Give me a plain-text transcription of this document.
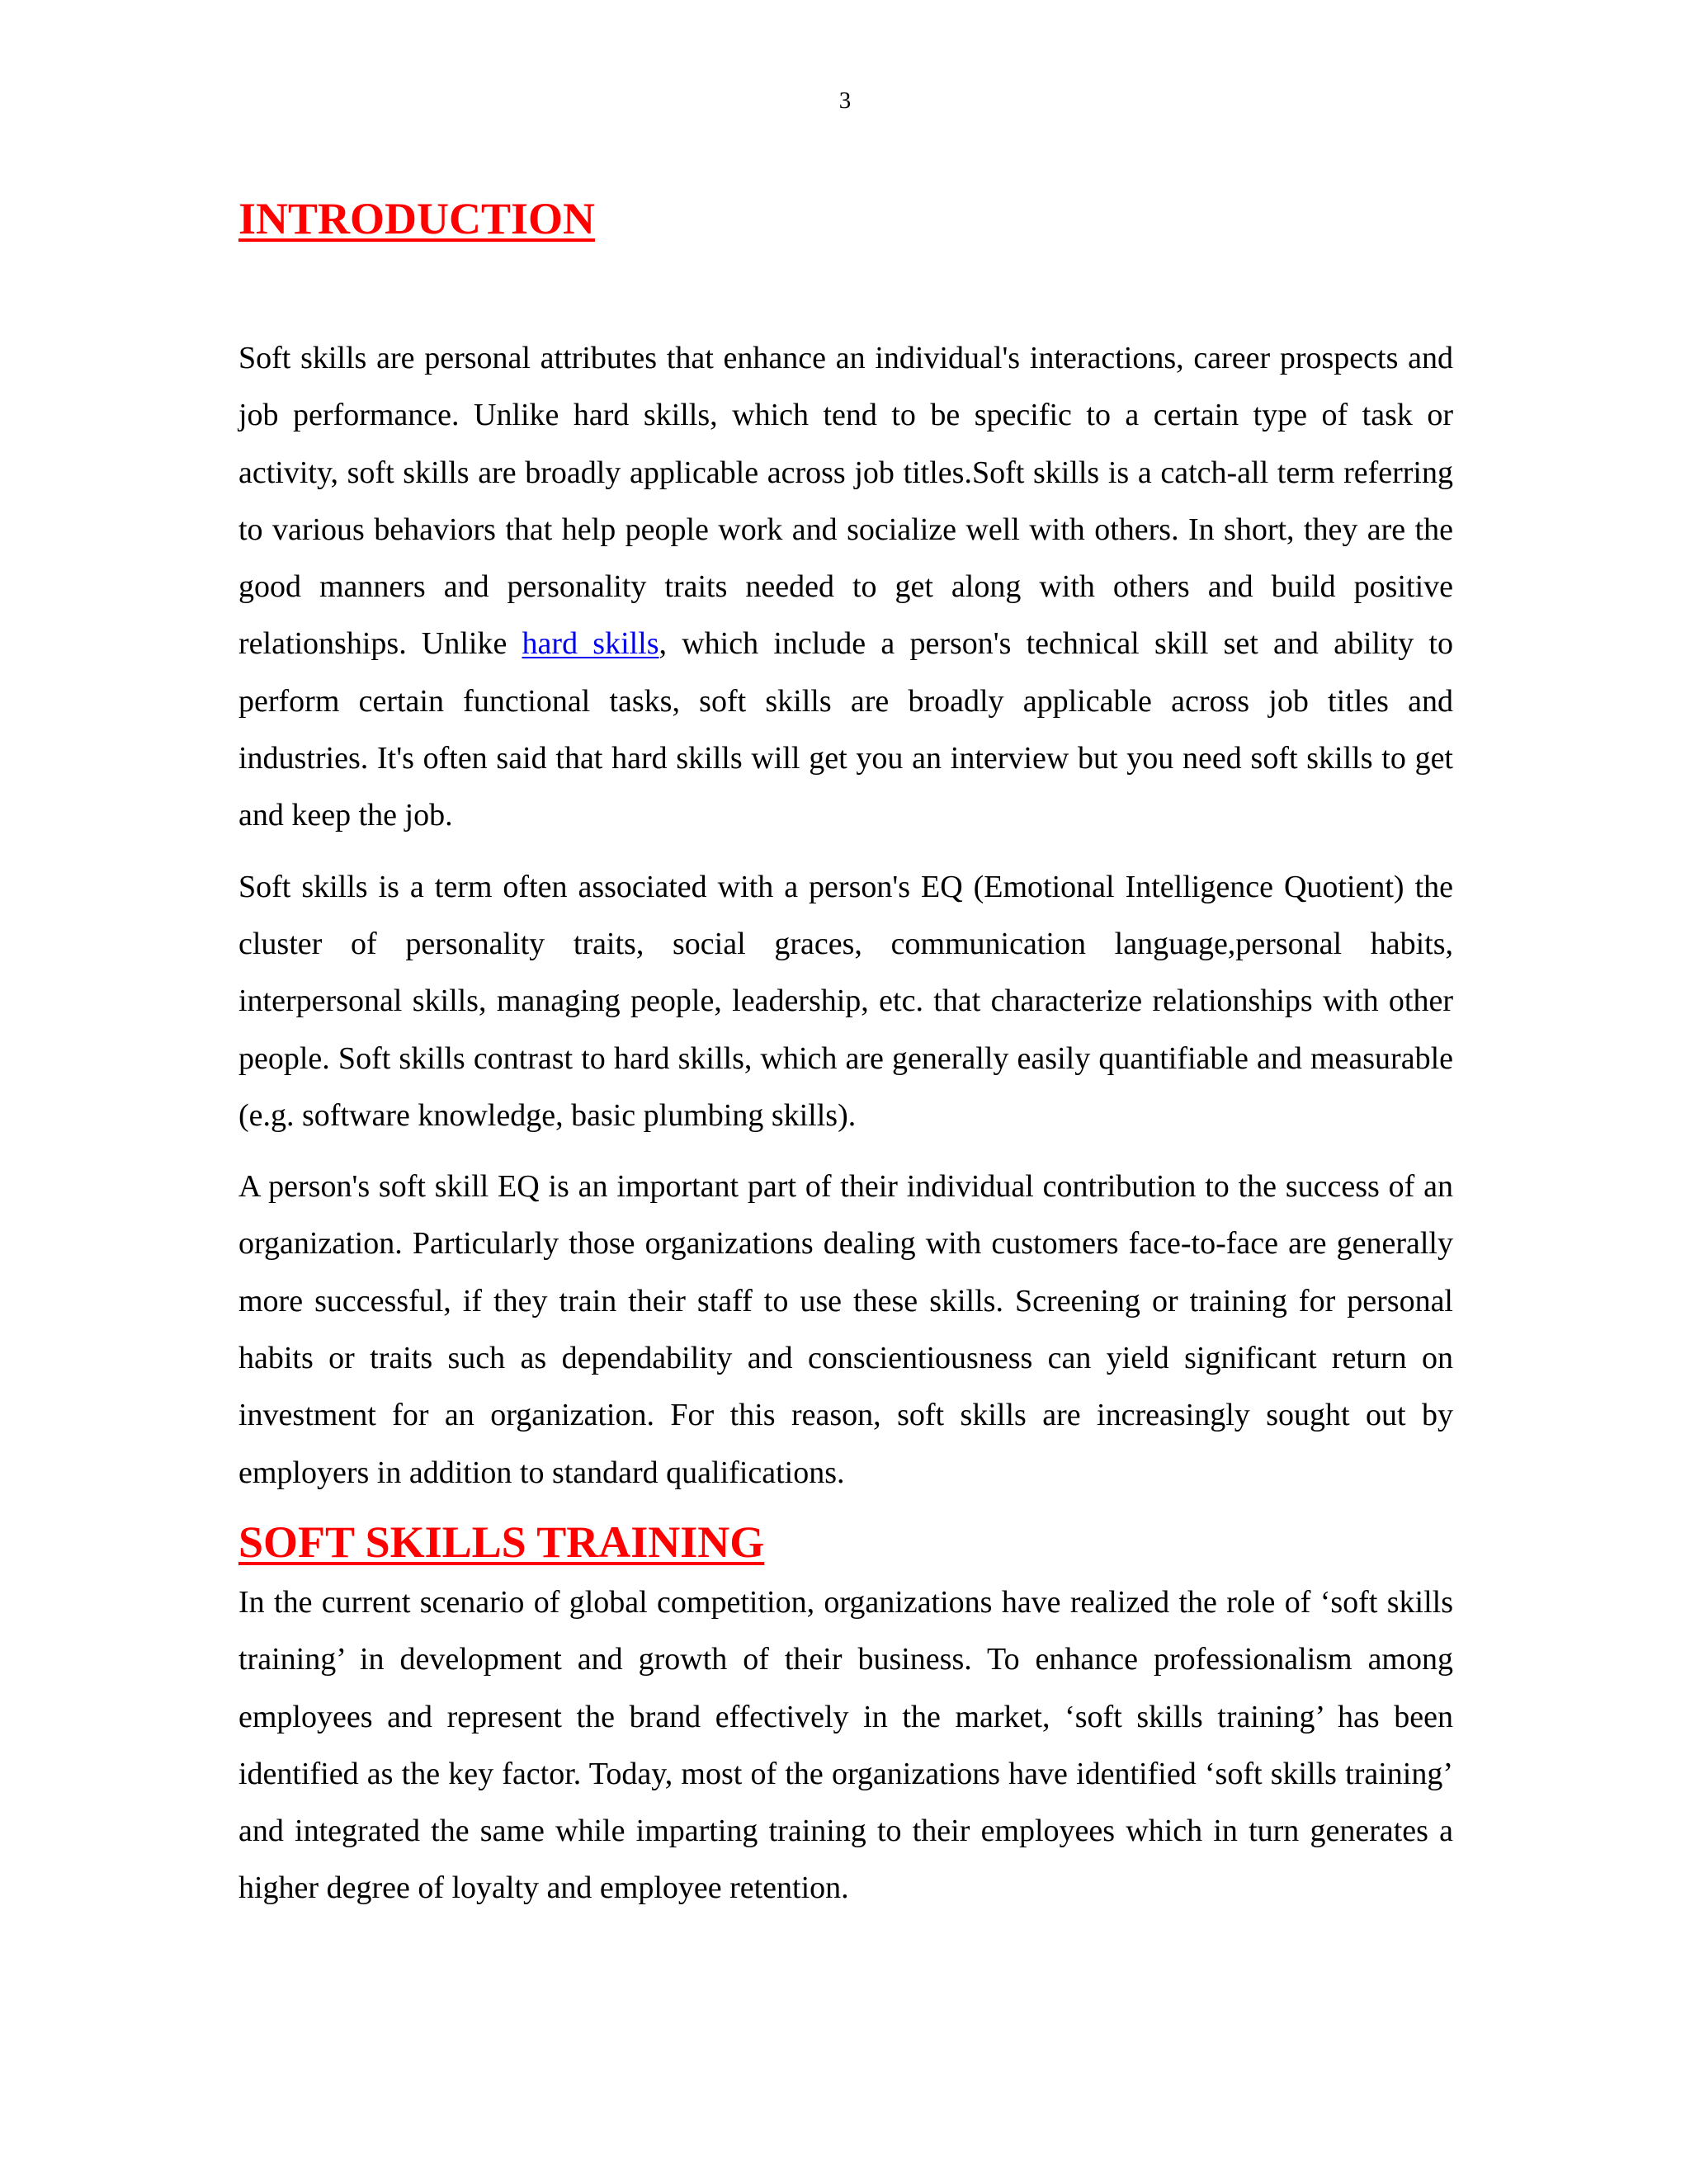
3
INTRODUCTION

Soft skills are personal attributes that enhance an individual's interactions, career prospects and job performance. Unlike hard skills, which tend to be specific to a certain type of task or activity, soft skills are broadly applicable across job titles.Soft skills is a catch-all term referring to various behaviors that help people work and socialize well with others. In short, they are the good manners and personality traits needed to get along with others and build positive relationships. Unlike hard skills, which include a person's technical skill set and ability to perform certain functional tasks, soft skills are broadly applicable across job titles and industries. It's often said that hard skills will get you an interview but you need soft skills to get and keep the job.

Soft skills is a term often associated with a person's EQ (Emotional Intelligence Quotient) the cluster of personality traits, social graces, communication language,personal habits, interpersonal skills, managing people, leadership, etc. that characterize relationships with other people. Soft skills contrast to hard skills, which are generally easily quantifiable and measurable (e.g. software knowledge, basic plumbing skills).

A person's soft skill EQ is an important part of their individual contribution to the success of an organization. Particularly those organizations dealing with customers face-to-face are generally more successful, if they train their staff to use these skills. Screening or training for personal habits or traits such as dependability and conscientiousness can yield significant return on investment for an organization. For this reason, soft skills are increasingly sought out by employers in addition to standard qualifications.

SOFT SKILLS TRAINING

In the current scenario of global competition, organizations have realized the role of ‘soft skills training’ in development and growth of their business. To enhance professionalism among employees and represent the brand effectively in the market, ‘soft skills training’ has been identified as the key factor. Today, most of the organizations have identified ‘soft skills training’ and integrated the same while imparting training to their employees which in turn generates a higher degree of loyalty and employee retention.
